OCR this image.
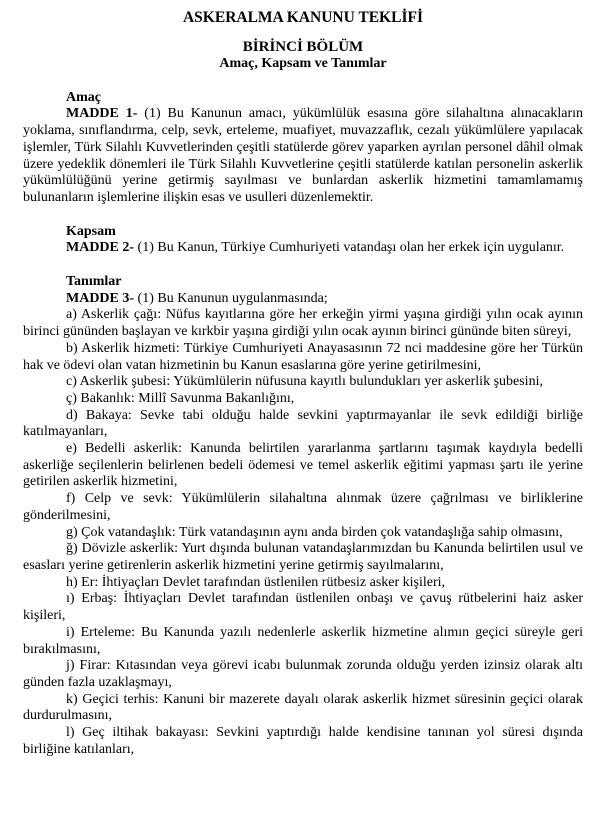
ASKERALMA KANUNU TEKLİFİ
BİRİNCİ BÖLÜM
Amaç, Kapsam ve Tanımlar
Amaç

MADDE 1- (1) Bu Kanunun amacı, yükümlülük esasına göre silahaltına alınacakların yoklama, sınıflandırma, celp, sevk, erteleme, muafiyet, muvazzaflık, cezalı yükümlülere yapılacak işlemler, Türk Silahlı Kuvvetlerinden çeşitli statülerde görev yaparken ayrılan personel dâhil olmak üzere yedeklik dönemleri ile Türk Silahlı Kuvvetlerine çeşitli statülerde katılan personelin askerlik yükümlülüğünü yerine getirmiş sayılması ve bunlardan askerlik hizmetini tamamlamamış bulunanların işlemlerine ilişkin esas ve usulleri düzenlemektir.

Kapsam

MADDE 2- (1) Bu Kanun, Türkiye Cumhuriyeti vatandaşı olan her erkek için uygulanır.

Tanımlar

MADDE 3- (1) Bu Kanunun uygulanmasında;

a) Askerlik çağı: Nüfus kayıtlarına göre her erkeğin yirmi yaşına girdiği yılın ocak ayının birinci gününden başlayan ve kırkbir yaşına girdiği yılın ocak ayının birinci gününde biten süreyi,

b) Askerlik hizmeti: Türkiye Cumhuriyeti Anayasasının 72 nci maddesine göre her Türkün hak ve ödevi olan vatan hizmetinin bu Kanun esaslarına göre yerine getirilmesini,

c) Askerlik şubesi: Yükümlülerin nüfusuna kayıtlı bulundukları yer askerlik şubesini,

ç) Bakanlık: Millî Savunma Bakanlığını,

d) Bakaya: Sevke tabi olduğu halde sevkini yaptırmayanlar ile sevk edildiği birliğe katılmayanları,

e) Bedelli askerlik: Kanunda belirtilen yararlanma şartlarını taşımak kaydıyla bedelli askerliğe seçilenlerin belirlenen bedeli ödemesi ve temel askerlik eğitimi yapması şartı ile yerine getirilen askerlik hizmetini,

f) Celp ve sevk: Yükümlülerin silahaltına alınmak üzere çağrılması ve birliklerine gönderilmesini,

g) Çok vatandaşlık: Türk vatandaşının aynı anda birden çok vatandaşlığa sahip olmasını,

ğ) Dövizle askerlik: Yurt dışında bulunan vatandaşlarımızdan bu Kanunda belirtilen usul ve esasları yerine getirenlerin askerlik hizmetini yerine getirmiş sayılmalarını,

h) Er: İhtiyaçları Devlet tarafından üstlenilen rütbesiz asker kişileri,

ı) Erbaş: İhtiyaçları Devlet tarafından üstlenilen onbaşı ve çavuş rütbelerini haiz asker kişileri,

i) Erteleme: Bu Kanunda yazılı nedenlerle askerlik hizmetine alımın geçici süreyle geri bırakılmasını,

j) Firar: Kıtasından veya görevi icabı bulunmak zorunda olduğu yerden izinsiz olarak altı günden fazla uzaklaşmayı,

k) Geçici terhis: Kanuni bir mazerete dayalı olarak askerlik hizmet süresinin geçici olarak durdurulmasını,

l) Geç iltihak bakayası: Sevkini yaptırdığı halde kendisine tanınan yol süresi dışında birliğine katılanları,
